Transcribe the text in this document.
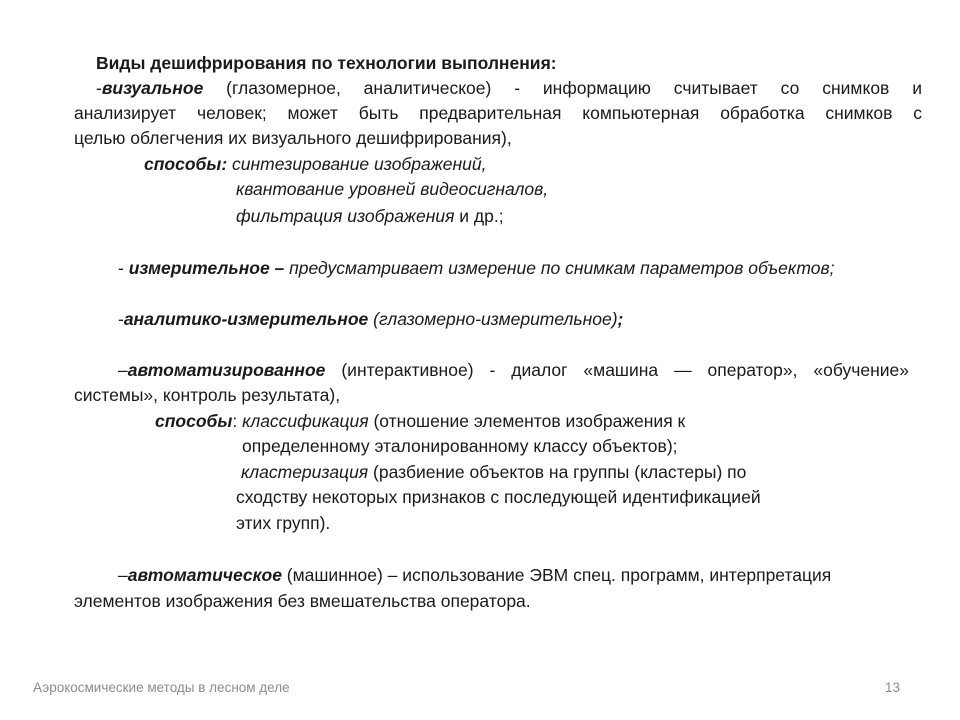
Виды дешифрирования по технологии выполнения:
-визуальное (глазомерное, аналитическое) - информацию считывает со снимков и
анализирует человек; может быть предварительная компьютерная обработка снимков с
целью облегчения их визуального дешифрирования),
способы: синтезирование изображений,
квантование уровней видеосигналов,
фильтрация изображения и др.;
- измерительное – предусматривает измерение по снимкам параметров объектов;
-аналитико-измерительное (глазомерно-измерительное);
–автоматизированное (интерактивное) - диалог «машина — оператор», «обучение»
системы», контроль результата),
способы: классификация (отношение элементов изображения к
определенному эталонированному классу объектов);
кластеризация (разбиение объектов на группы (кластеры) по
сходству некоторых признаков с последующей идентификацией
этих групп).
–автоматическое (машинное) – использование ЭВМ спец. программ, интерпретация
элементов изображения без вмешательства оператора.
Аэрокосмические методы в лесном деле	13
